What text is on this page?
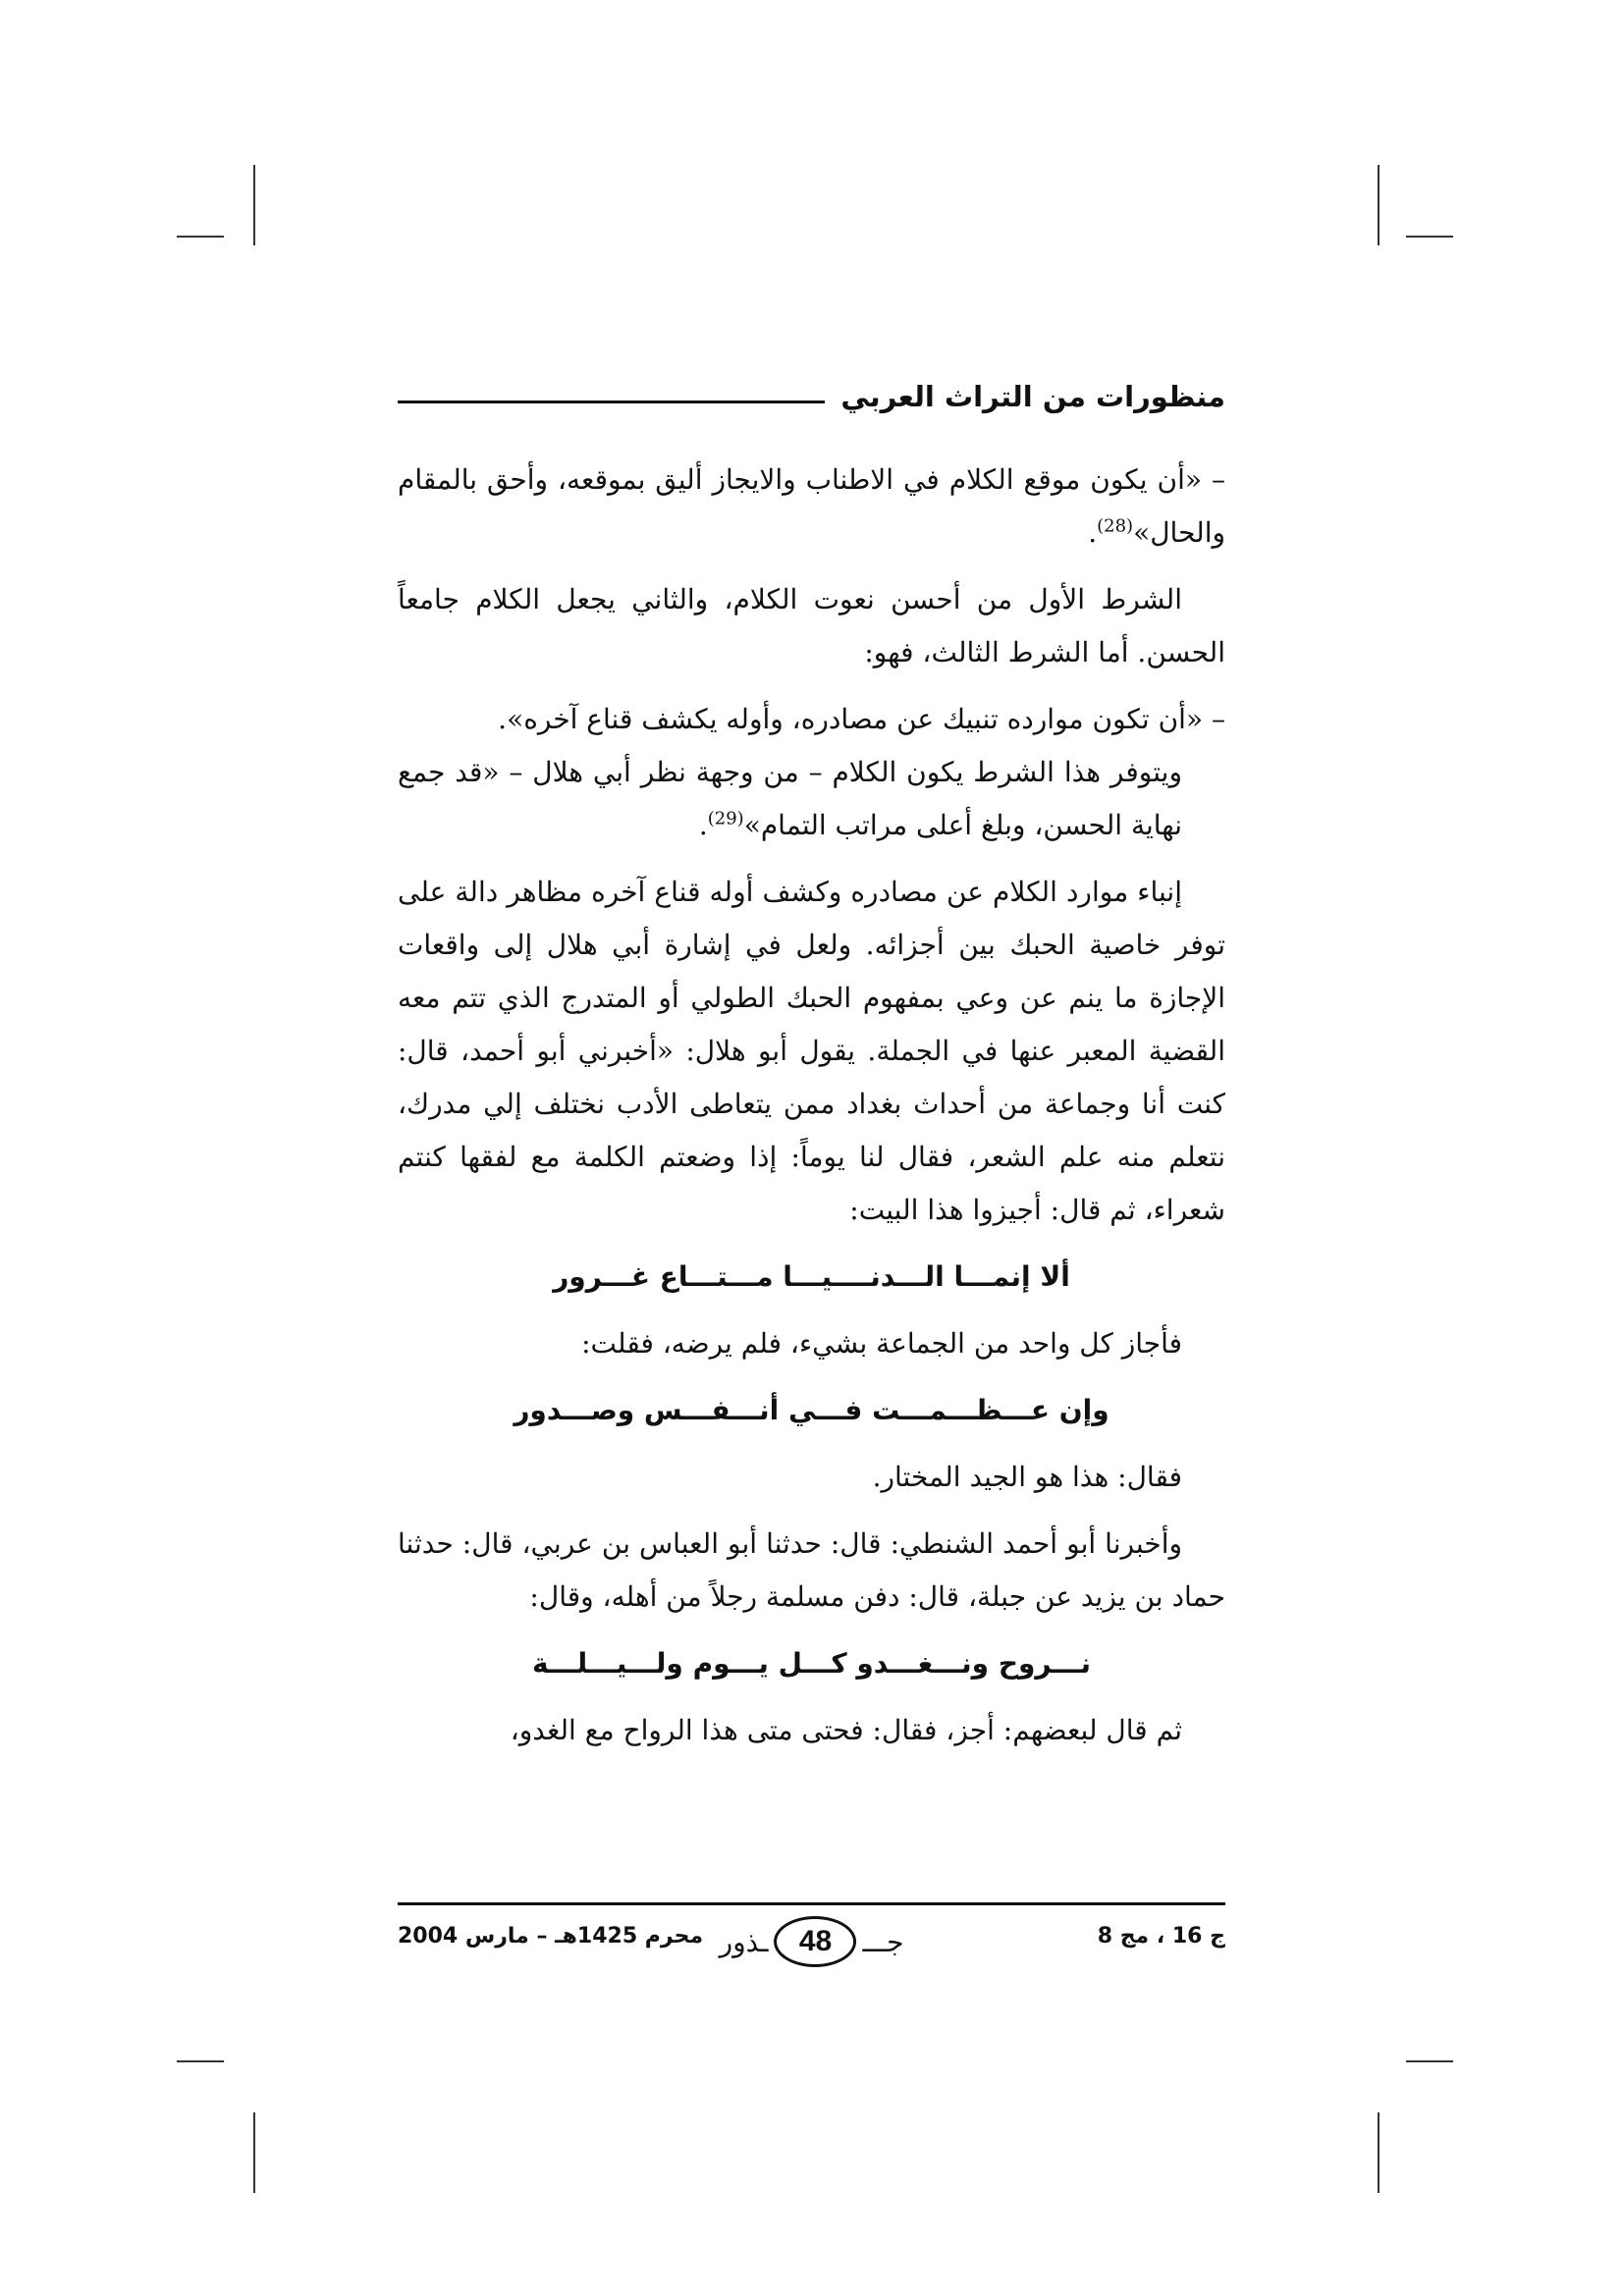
منظورات من التراث العربي

– «أن يكون موقع الكلام في الاطناب والايجاز أليق بموقعه، وأحق بالمقام والحال»$^{(28)}$.

الشرط الأول من أحسن نعوت الكلام، والثاني يجعل الكلام جامعاً الحسن. أما الشرط الثالث، فهو:

– «أن تكون موارده تنبيك عن مصادره، وأوله يكشف قناع آخره».

ويتوفر هذا الشرط يكون الكلام – من وجهة نظر أبي هلال – «قد جمع نهاية الحسن، وبلغ أعلى مراتب التمام»$^{(29)}$.

إنباء موارد الكلام عن مصادره وكشف أوله قناع آخره مظاهر دالة على توفر خاصية الحبك بين أجزائه. ولعل في إشارة أبي هلال إلى واقعات الإجازة ما ينم عن وعي بمفهوم الحبك الطولي أو المتدرج الذي تتم معه القضية المعبر عنها في الجملة. يقول أبو هلال: «أخبرني أبو أحمد، قال: كنت أنا وجماعة من أحداث بغداد ممن يتعاطى الأدب نختلف إلي مدرك، نتعلم منه علم الشعر، فقال لنا يوماً: إذا وضعتم الكلمة مع لفقها كنتم شعراء، ثم قال: أجيزوا هذا البيت:

ألا إنمـــا الـــدنــــيـــا مـــتـــاع غـــرور

فأجاز كل واحد من الجماعة بشيء، فلم يرضه، فقلت:

وإن عـــظـــمـــت فـــي أنـــفـــس وصـــدور

فقال: هذا هو الجيد المختار.

وأخبرنا أبو أحمد الشنطي: قال: حدثنا أبو العباس بن عربي، قال: حدثنا حماد بن يزيد عن جبلة، قال: دفن مسلمة رجلاً من أهله، وقال:

نـــروح ونـــغـــدو كـــل يـــوم ولـــيـــلـــة

ثم قال لبعضهم: أجز، فقال: فحتى متى هذا الرواح مع الغدو،

ج 16 ، مج 8
جـــ
48
ـذور
محرم 1425هـ – مارس 2004
